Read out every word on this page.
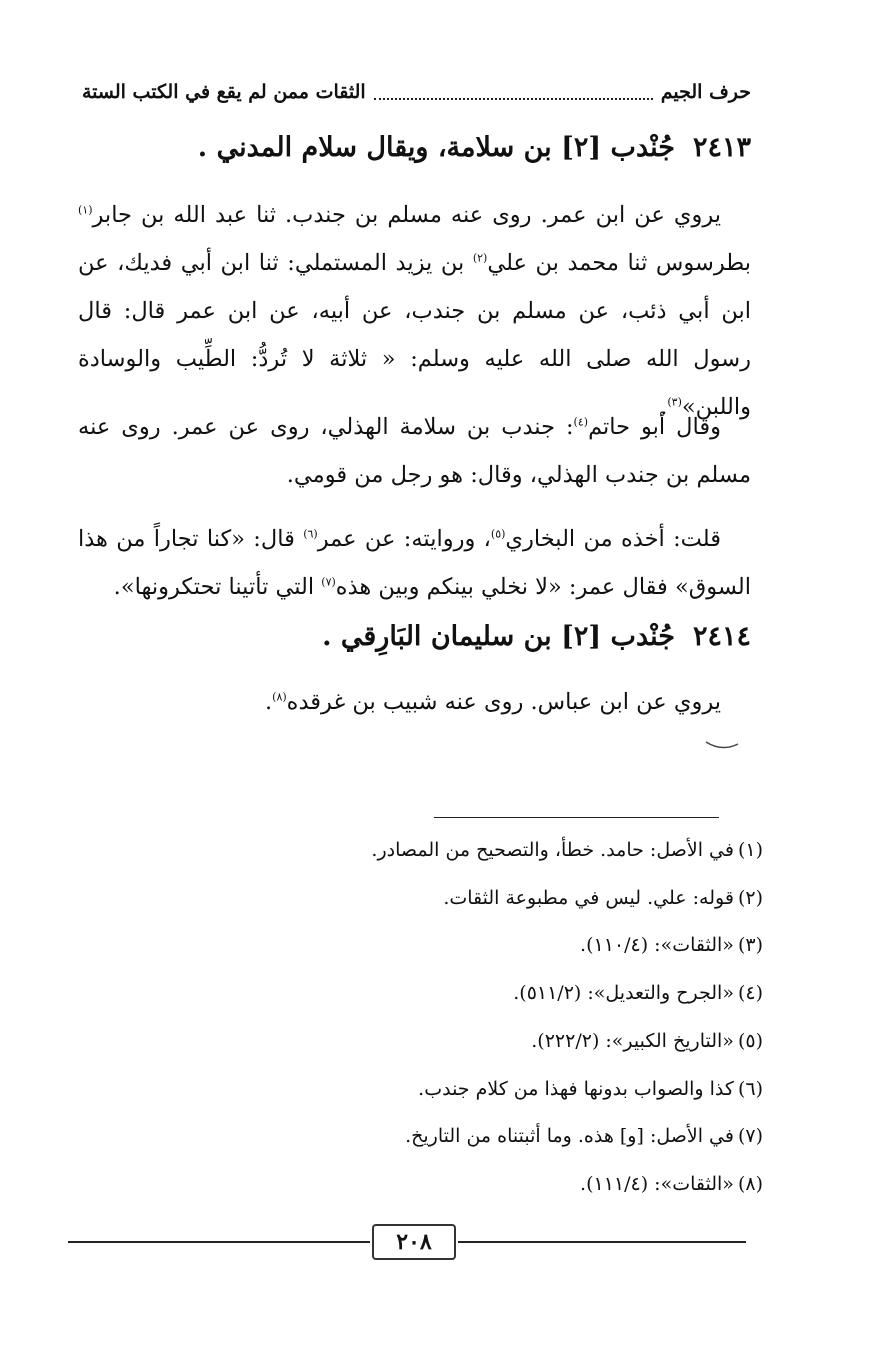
حرف الجيم
الثقات ممن لم يقع في الكتب الستة
٢٤١٣جُنْدب [٢] بن سلامة، ويقال سلام المدني .
يروي عن ابن عمر. روى عنه مسلم بن جندب. ثنا عبد الله بن جابر$^{(١)}$ بطرسوس ثنا محمد بن علي$^{(٢)}$ بن يزيد المستملي: ثنا ابن أبي فديك، عن ابن أبي ذئب، عن مسلم بن جندب، عن أبيه، عن ابن عمر قال: قال رسول الله صلى الله عليه وسلم: « ثلاثة لا تُردُّ: الطِّيب والوسادة واللبن»$^{(٣)}$.
وقال أبو حاتم$^{(٤)}$: جندب بن سلامة الهذلي، روى عن عمر. روى عنه مسلم بن جندب الهذلي، وقال: هو رجل من قومي.
قلت: أخذه من البخاري$^{(٥)}$، وروايته: عن عمر$^{(٦)}$ قال: «كنا تجاراً من هذا السوق» فقال عمر: «لا نخلي بينكم وبين هذه$^{(٧)}$ التي تأتينا تحتكرونها».
٢٤١٤جُنْدب [٢] بن سليمان البَارِقي .
يروي عن ابن عباس. روى عنه شبيب بن غرقده$^{(٨)}$.
(١)في الأصل: حامد. خطأ، والتصحيح من المصادر.
(٢)قوله: علي. ليس في مطبوعة الثقات.
(٣)«الثقات»: (١١٠/٤).
(٤)«الجرح والتعديل»: (٥١١/٢).
(٥)«التاريخ الكبير»: (٢٢٢/٢).
(٦)كذا والصواب بدونها فهذا من كلام جندب.
(٧)في الأصل: [و] هذه. وما أثبتناه من التاريخ.
(٨)«الثقات»: (١١١/٤).
٢٠٨
